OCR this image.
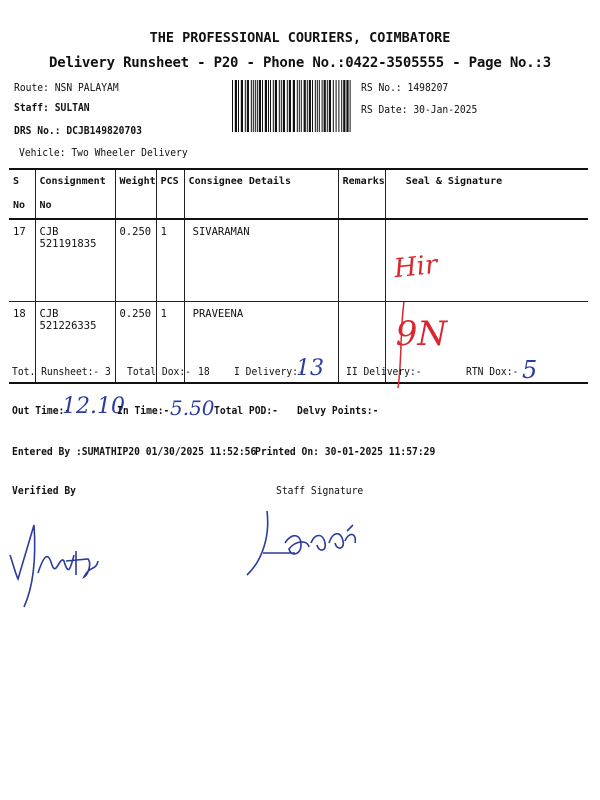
THE PROFESSIONAL COURIERS, COIMBATORE
Delivery Runsheet - P20 - Phone No.:0422-3505555 - Page No.:3
Route: NSN PALAYAM
Staff: SULTAN
DRS No.: DCJB149820703
Vehicle: Two Wheeler Delivery
RS No.: 1498207
RS Date: 30-Jan-2025
S No	Consignment No	Weight	PCS	Consignee Details	Remarks	Seal & Signature
17	CJB 521191835	0.250	1	SIVARAMAN		Hir
18	CJB 521226335	0.250	1	PRAVEENA		9N
Tot. Runsheet:- 3 Total Dox:- 18 I Delivery:-
13 II Delivery:-	RTN Dox:- 5
Out Time:-
12.10
In Time:- 5.50 Total POD:- Delvy Points:-
Entered By :SUMATHIP20 01/30/2025 11:52:56
Printed On: 30-01-2025 11:57:29
Verified By	Staff Signature
